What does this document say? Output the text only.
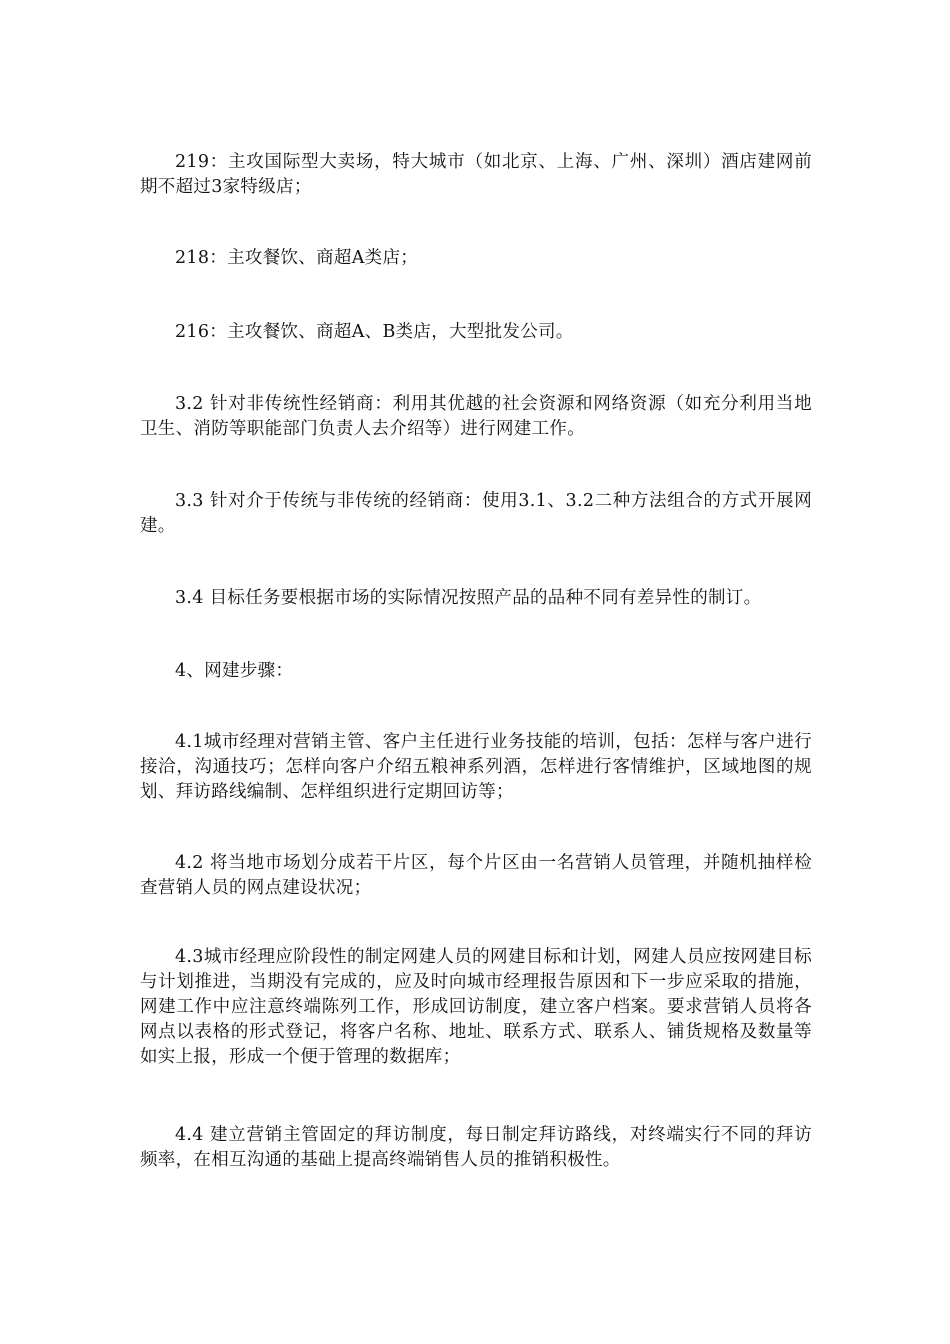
219：主攻国际型大卖场，特大城市（如北京、上海、广州、深圳）酒店建网前期不超过3家特级店；

218：主攻餐饮、商超A类店；

216：主攻餐饮、商超A、B类店，大型批发公司。

3.2 针对非传统性经销商：利用其优越的社会资源和网络资源（如充分利用当地卫生、消防等职能部门负责人去介绍等）进行网建工作。

3.3 针对介于传统与非传统的经销商：使用3.1、3.2二种方法组合的方式开展网建。

3.4 目标任务要根据市场的实际情况按照产品的品种不同有差异性的制订。

4、网建步骤：

4.1城市经理对营销主管、客户主任进行业务技能的培训，包括：怎样与客户进行接洽，沟通技巧；怎样向客户介绍五粮神系列酒，怎样进行客情维护，区域地图的规划、拜访路线编制、怎样组织进行定期回访等；

4.2 将当地市场划分成若干片区，每个片区由一名营销人员管理，并随机抽样检查营销人员的网点建设状况；

4.3城市经理应阶段性的制定网建人员的网建目标和计划，网建人员应按网建目标与计划推进，当期没有完成的，应及时向城市经理报告原因和下一步应采取的措施，网建工作中应注意终端陈列工作，形成回访制度，建立客户档案。要求营销人员将各网点以表格的形式登记，将客户名称、地址、联系方式、联系人、铺货规格及数量等如实上报，形成一个便于管理的数据库；

4.4 建立营销主管固定的拜访制度，每日制定拜访路线，对终端实行不同的拜访频率，在相互沟通的基础上提高终端销售人员的推销积极性。
